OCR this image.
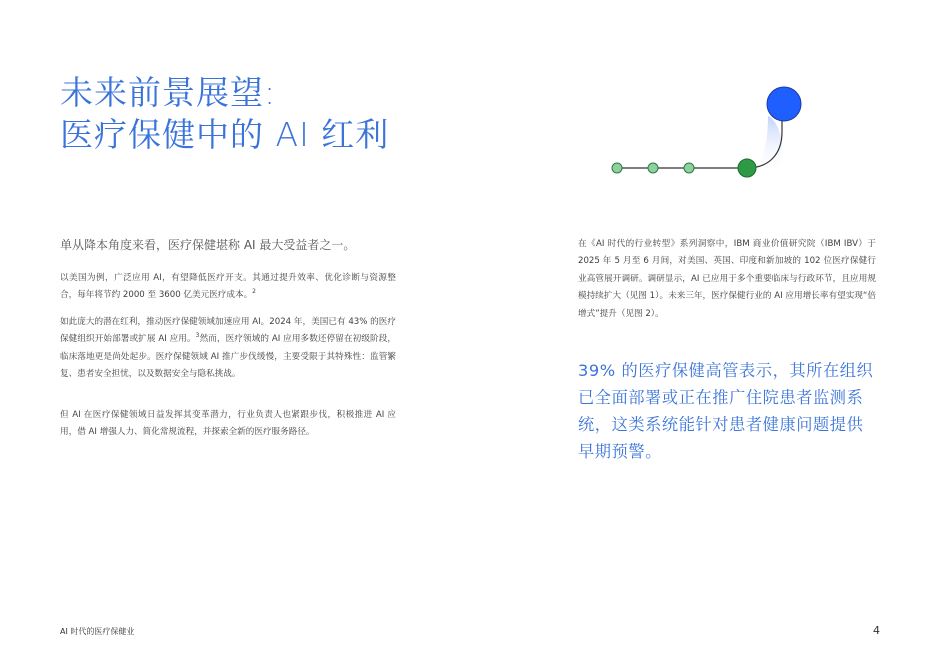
未来前景展望:
医疗保健中的 AI 红利
单从降本角度来看，医疗保健堪称 AI 最大受益者之一。
以美国为例，广泛应用 AI，有望降低医疗开支。其通过提升效率、优化诊断与资源整合，每年将节约 2000 至 3600 亿美元医疗成本。$^2$
如此庞大的潜在红利，推动医疗保健领域加速应用 AI。2024 年，美国已有 43% 的医疗保健组织开始部署或扩展 AI 应用。$^3$然而，医疗领域的 AI 应用多数还停留在初级阶段，临床落地更是尚处起步。医疗保健领域 AI 推广步伐缓慢，主要受限于其特殊性：监管繁复、患者安全担忧，以及数据安全与隐私挑战。
但 AI 在医疗保健领域日益发挥其变革潜力，行业负责人也紧跟步伐，积极推进 AI 应用，借 AI 增强人力、简化常规流程，并探索全新的医疗服务路径。
在《AI 时代的行业转型》系列洞察中，IBM 商业价值研究院（IBM IBV）于 2025 年 5 月至 6 月间，对美国、英国、印度和新加坡的 102 位医疗保健行业高管展开调研。调研显示，AI 已应用于多个重要临床与行政环节，且应用规模持续扩大（见图 1）。未来三年，医疗保健行业的 AI 应用增长率有望实现“倍增式”提升（见图 2）。
39% 的医疗保健高管表示，其所在组织已全面部署或正在推广住院患者监测系统，这类系统能针对患者健康问题提供早期预警。
AI 时代的医疗保健业	4
